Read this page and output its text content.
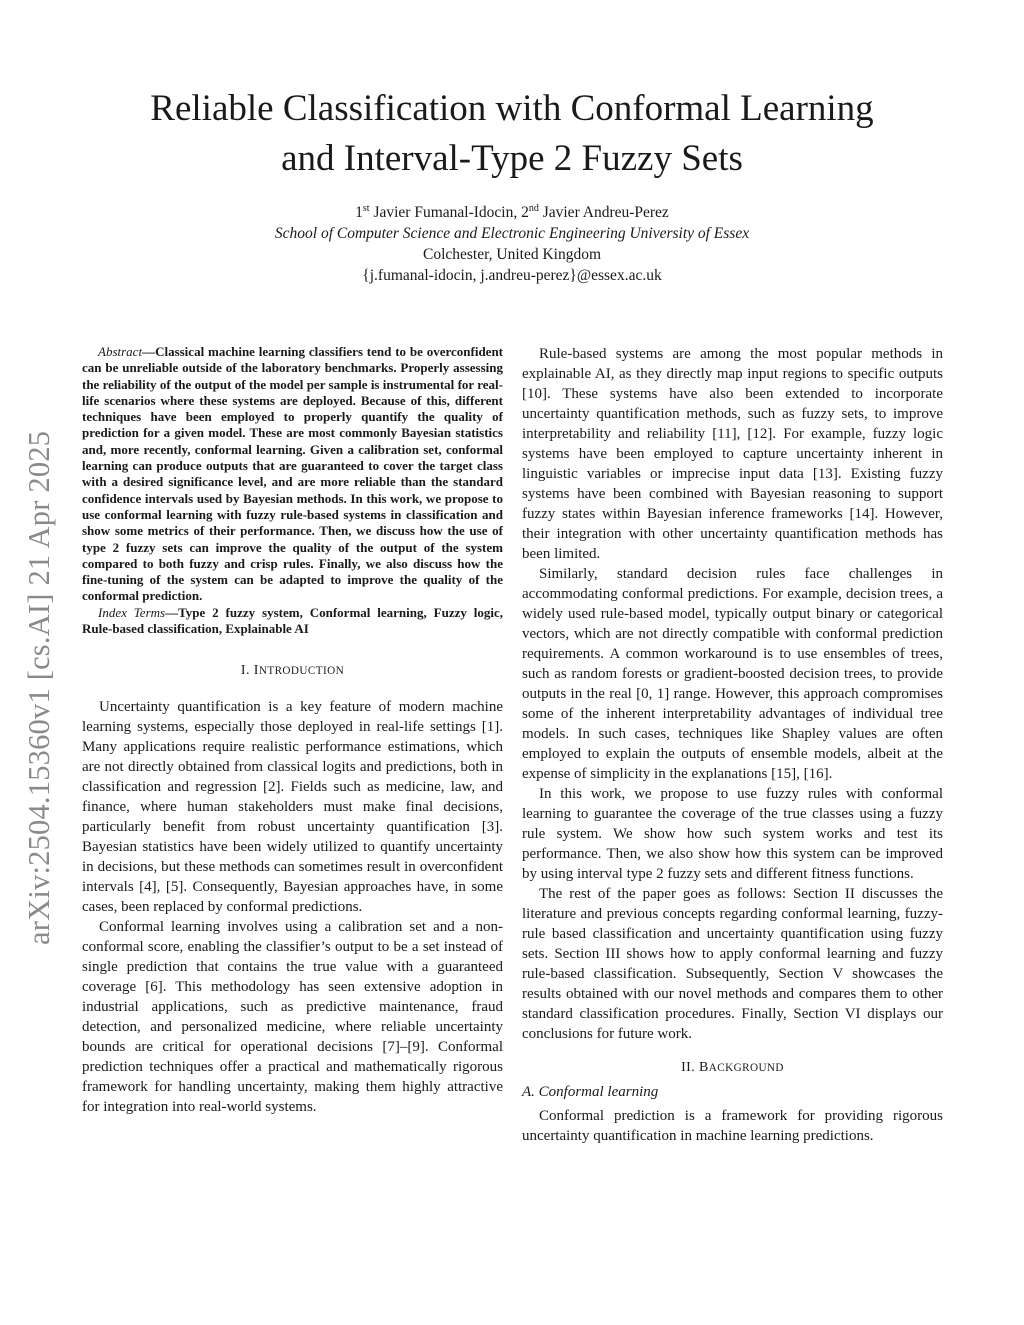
arXiv:2504.15360v1 [cs.AI] 21 Apr 2025
Reliable Classification with Conformal Learning
and Interval-Type 2 Fuzzy Sets
1st Javier Fumanal-Idocin, 2nd Javier Andreu-Perez
School of Computer Science and Electronic Engineering University of Essex
Colchester, United Kingdom
{j.fumanal-idocin, j.andreu-perez}@essex.ac.uk

Abstract—Classical machine learning classifiers tend to be overconfident can be unreliable outside of the laboratory benchmarks. Properly assessing the reliability of the output of the model per sample is instrumental for real-life scenarios where these systems are deployed. Because of this, different techniques have been employed to properly quantify the quality of prediction for a given model. These are most commonly Bayesian statistics and, more recently, conformal learning. Given a calibration set, conformal learning can produce outputs that are guaranteed to cover the target class with a desired significance level, and are more reliable than the standard confidence intervals used by Bayesian methods. In this work, we propose to use conformal learning with fuzzy rule-based systems in classification and show some metrics of their performance. Then, we discuss how the use of type 2 fuzzy sets can improve the quality of the output of the system compared to both fuzzy and crisp rules. Finally, we also discuss how the fine-tuning of the system can be adapted to improve the quality of the conformal prediction.

Index Terms—Type 2 fuzzy system, Conformal learning, Fuzzy logic, Rule-based classification, Explainable AI

I. INTRODUCTION

Uncertainty quantification is a key feature of modern machine learning systems, especially those deployed in real-life settings [1]. Many applications require realistic performance estimations, which are not directly obtained from classical logits and predictions, both in classification and regression [2]. Fields such as medicine, law, and finance, where human stakeholders must make final decisions, particularly benefit from robust uncertainty quantification [3]. Bayesian statistics have been widely utilized to quantify uncertainty in decisions, but these methods can sometimes result in overconfident intervals [4], [5]. Consequently, Bayesian approaches have, in some cases, been replaced by conformal predictions.

Conformal learning involves using a calibration set and a non-conformal score, enabling the classifier’s output to be a set instead of single prediction that contains the true value with a guaranteed coverage [6]. This methodology has seen extensive adoption in industrial applications, such as predictive maintenance, fraud detection, and personalized medicine, where reliable uncertainty bounds are critical for operational decisions [7]–[9]. Conformal prediction techniques offer a practical and mathematically rigorous framework for handling uncertainty, making them highly attractive for integration into real-world systems.

Rule-based systems are among the most popular methods in explainable AI, as they directly map input regions to specific outputs [10]. These systems have also been extended to incorporate uncertainty quantification methods, such as fuzzy sets, to improve interpretability and reliability [11], [12]. For example, fuzzy logic systems have been employed to capture uncertainty inherent in linguistic variables or imprecise input data [13]. Existing fuzzy systems have been combined with Bayesian reasoning to support fuzzy states within Bayesian inference frameworks [14]. However, their integration with other uncertainty quantification methods has been limited.

Similarly, standard decision rules face challenges in accommodating conformal predictions. For example, decision trees, a widely used rule-based model, typically output binary or categorical vectors, which are not directly compatible with conformal prediction requirements. A common workaround is to use ensembles of trees, such as random forests or gradient-boosted decision trees, to provide outputs in the real [0, 1] range. However, this approach compromises some of the inherent interpretability advantages of individual tree models. In such cases, techniques like Shapley values are often employed to explain the outputs of ensemble models, albeit at the expense of simplicity in the explanations [15], [16].

In this work, we propose to use fuzzy rules with conformal learning to guarantee the coverage of the true classes using a fuzzy rule system. We show how such system works and test its performance. Then, we also show how this system can be improved by using interval type 2 fuzzy sets and different fitness functions.

The rest of the paper goes as follows: Section II discusses the literature and previous concepts regarding conformal learning, fuzzy-rule based classification and uncertainty quantification using fuzzy sets. Section III shows how to apply conformal learning and fuzzy rule-based classification. Subsequently, Section V showcases the results obtained with our novel methods and compares them to other standard classification procedures. Finally, Section VI displays our conclusions for future work.

II. BACKGROUND

A. Conformal learning

Conformal prediction is a framework for providing rigorous uncertainty quantification in machine learning predictions.
